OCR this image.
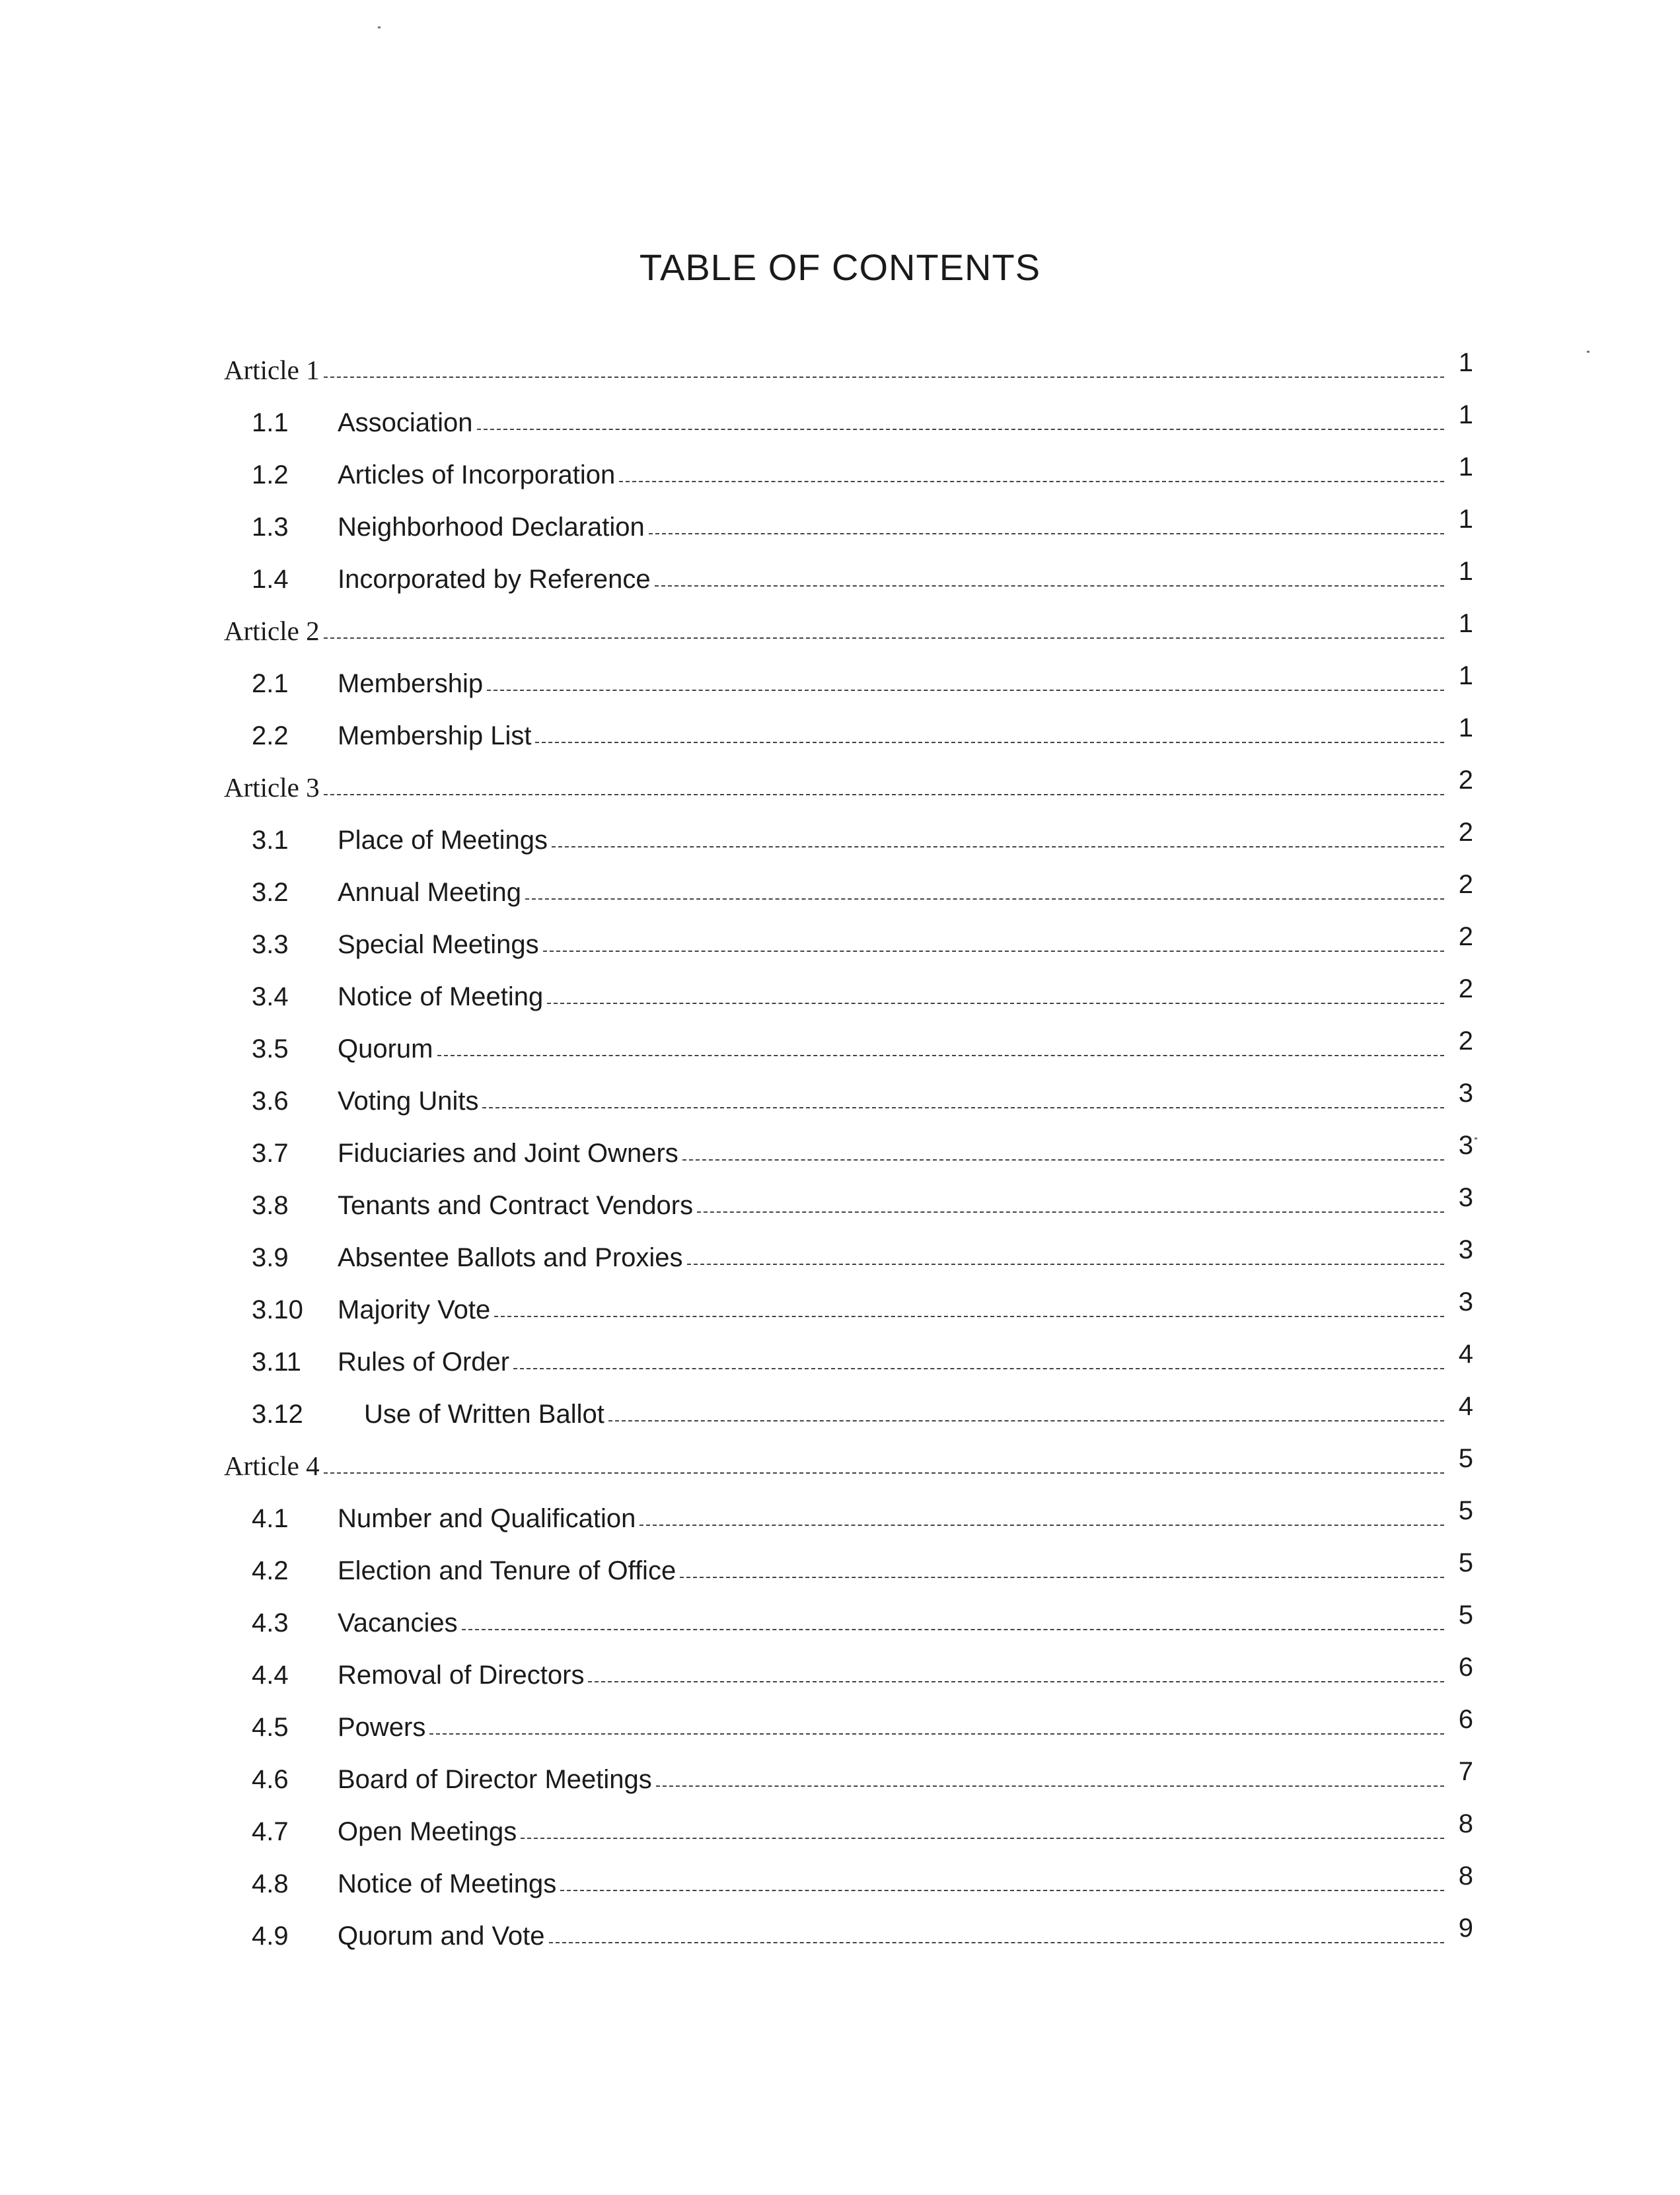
TABLE OF CONTENTS
Article 1	1
1.1	Association	1
1.2	Articles of Incorporation	1
1.3	Neighborhood Declaration	1
1.4	Incorporated by Reference	1
Article 2	1
2.1	Membership	1
2.2	Membership List	1
Article 3	2
3.1	Place of Meetings	2
3.2	Annual Meeting	2
3.3	Special Meetings	2
3.4	Notice of Meeting	2
3.5	Quorum	2
3.6	Voting Units	3
3.7	Fiduciaries and Joint Owners	3
3.8	Tenants and Contract Vendors	3
3.9	Absentee Ballots and Proxies	3
3.10	Majority Vote	3
3.11	Rules of Order	4
3.12	Use of Written Ballot	4
Article 4	5
4.1	Number and Qualification	5
4.2	Election and Tenure of Office	5
4.3	Vacancies	5
4.4	Removal of Directors	6
4.5	Powers	6
4.6	Board of Director Meetings	7
4.7	Open Meetings	8
4.8	Notice of Meetings	8
4.9	Quorum and Vote	9
